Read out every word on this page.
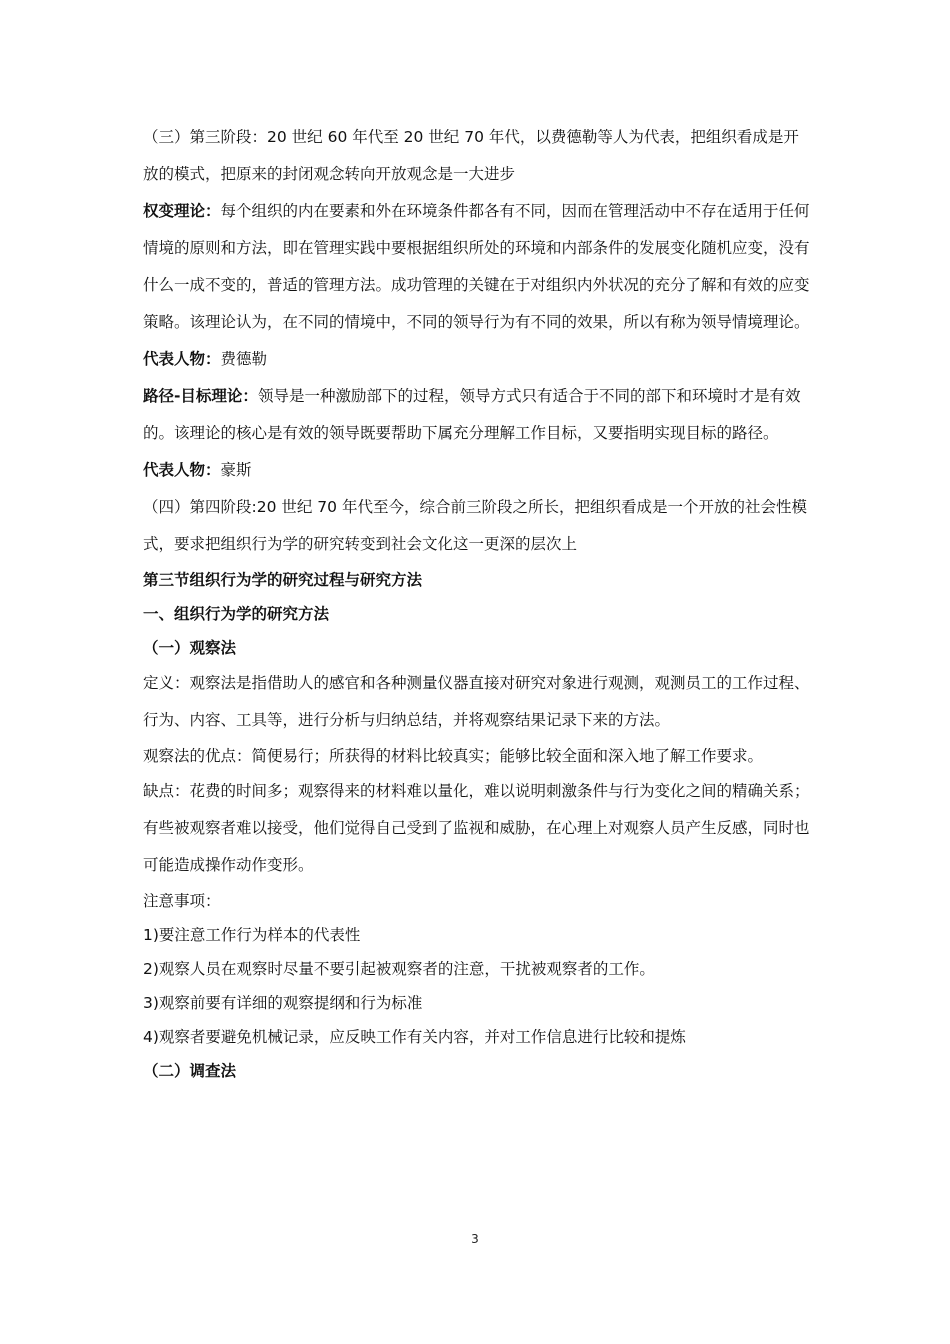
（三）第三阶段：20 世纪 60 年代至 20 世纪 70 年代，以费德勒等人为代表，把组织看成是开放的模式，把原来的封闭观念转向开放观念是一大进步

权变理论：每个组织的内在要素和外在环境条件都各有不同，因而在管理活动中不存在适用于任何情境的原则和方法，即在管理实践中要根据组织所处的环境和内部条件的发展变化随机应变，没有什么一成不变的，普适的管理方法。成功管理的关键在于对组织内外状况的充分了解和有效的应变策略。该理论认为，在不同的情境中，不同的领导行为有不同的效果，所以有称为领导情境理论。

代表人物：费德勒

路径-目标理论：领导是一种激励部下的过程，领导方式只有适合于不同的部下和环境时才是有效的。该理论的核心是有效的领导既要帮助下属充分理解工作目标，又要指明实现目标的路径。

代表人物：豪斯

（四）第四阶段:20 世纪 70 年代至今，综合前三阶段之所长，把组织看成是一个开放的社会性模式，要求把组织行为学的研究转变到社会文化这一更深的层次上

第三节组织行为学的研究过程与研究方法

一、组织行为学的研究方法

（一）观察法

定义：观察法是指借助人的感官和各种测量仪器直接对研究对象进行观测，观测员工的工作过程、行为、内容、工具等，进行分析与归纳总结，并将观察结果记录下来的方法。

观察法的优点：简便易行；所获得的材料比较真实；能够比较全面和深入地了解工作要求。

缺点：花费的时间多；观察得来的材料难以量化，难以说明刺激条件与行为变化之间的精确关系；有些被观察者难以接受，他们觉得自己受到了监视和威胁，在心理上对观察人员产生反感，同时也可能造成操作动作变形。

注意事项：

1)要注意工作行为样本的代表性

2)观察人员在观察时尽量不要引起被观察者的注意，干扰被观察者的工作。

3)观察前要有详细的观察提纲和行为标准

4)观察者要避免机械记录，应反映工作有关内容，并对工作信息进行比较和提炼

（二）调查法

3
